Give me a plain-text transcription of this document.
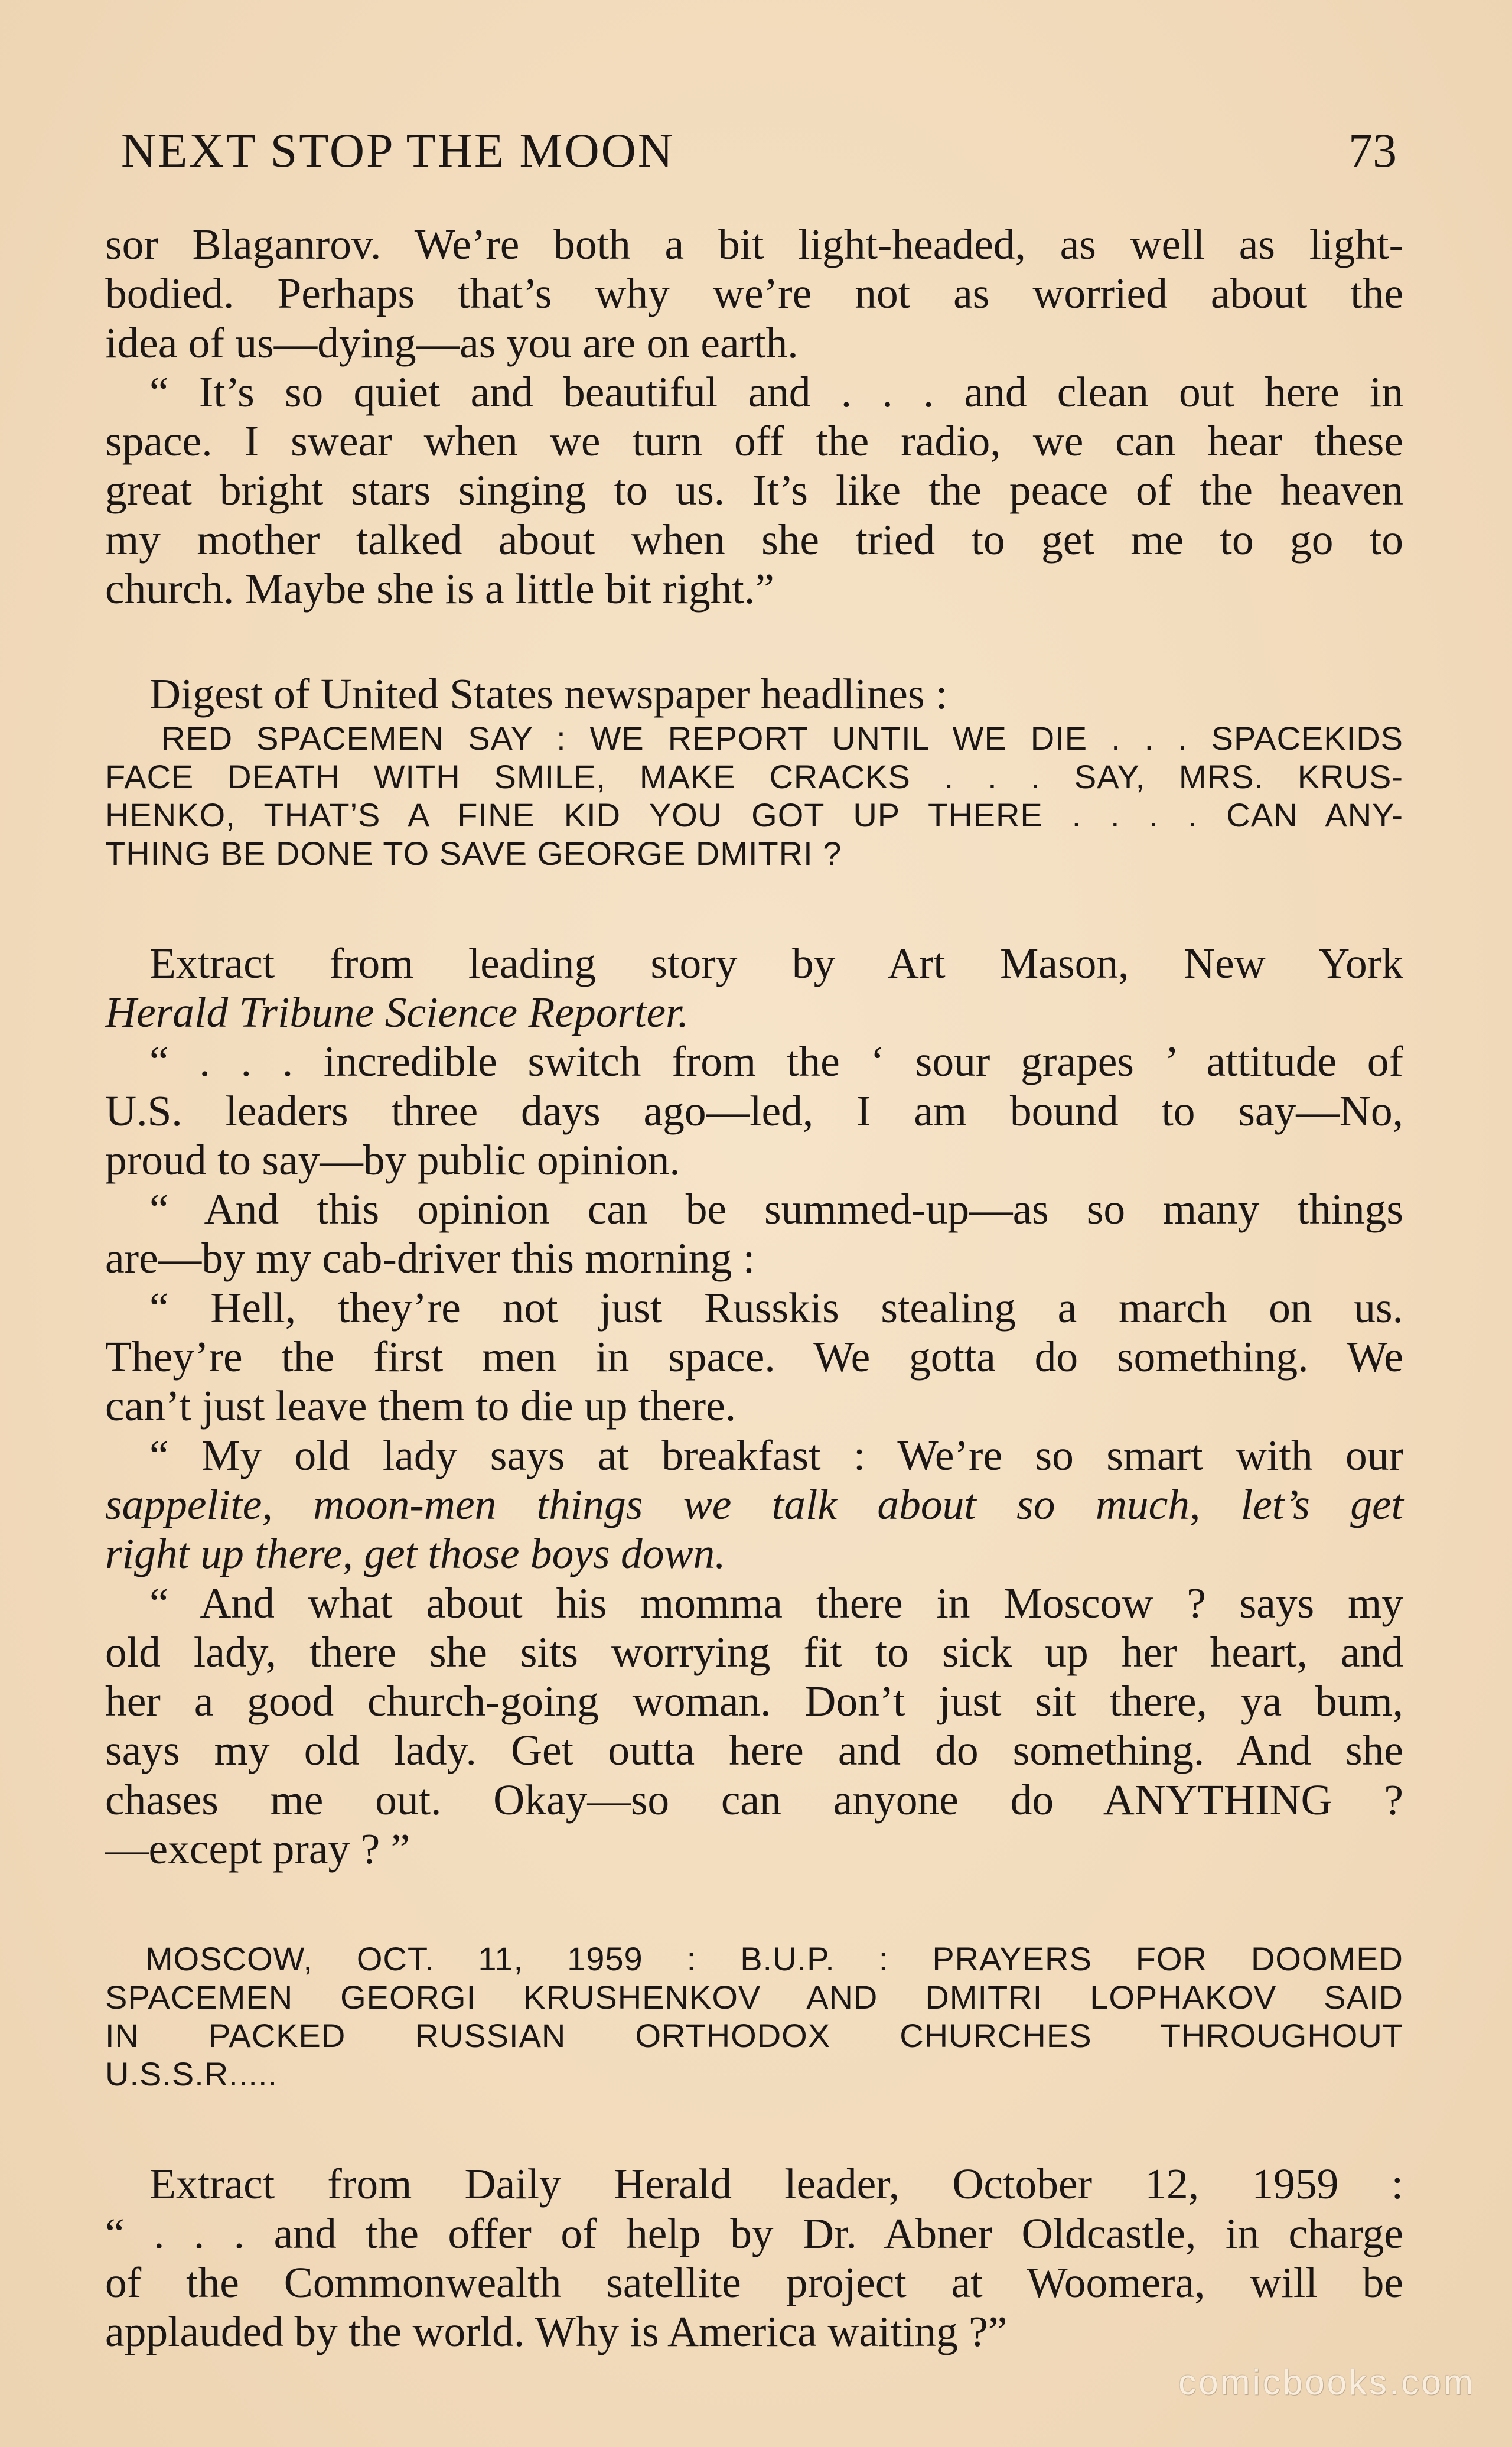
NEXT STOP THE MOON	73

sor Blaganrov. We’re both a bit light-headed, as well as light-
bodied. Perhaps that’s why we’re not as worried about the
idea of us—dying—as you are on earth.

“ It’s so quiet and beautiful and . . . and clean out here in
space. I swear when we turn off the radio, we can hear these
great bright stars singing to us. It’s like the peace of the heaven
my mother talked about when she tried to get me to go to
church. Maybe she is a little bit right.”

Digest of United States newspaper headlines :

RED SPACEMEN SAY : WE REPORT UNTIL WE DIE . . . SPACEKIDS
FACE DEATH WITH SMILE, MAKE CRACKS . . . SAY, MRS. KRUS-
HENKO, THAT’S A FINE KID YOU GOT UP THERE . . . . CAN ANY-
THING BE DONE TO SAVE GEORGE DMITRI ?

Extract from leading story by Art Mason, New York
Herald Tribune Science Reporter.

“ . . . incredible switch from the ‘ sour grapes ’ attitude of
U.S. leaders three days ago—led, I am bound to say—No,
proud to say—by public opinion.

“ And this opinion can be summed-up—as so many things
are—by my cab-driver this morning :

“ Hell, they’re not just Russkis stealing a march on us.
They’re the first men in space. We gotta do something. We
can’t just leave them to die up there.

“ My old lady says at breakfast : We’re so smart with our
sappelite, moon-men things we talk about so much, let’s get
right up there, get those boys down.

“ And what about his momma there in Moscow ? says my
old lady, there she sits worrying fit to sick up her heart, and
her a good church-going woman. Don’t just sit there, ya bum,
says my old lady. Get outta here and do something. And she
chases me out. Okay—so can anyone do ANYTHING ?
—except pray ? ”

MOSCOW, OCT. 11, 1959 : B.U.P. : PRAYERS FOR DOOMED
SPACEMEN GEORGI KRUSHENKOV AND DMITRI LOPHAKOV SAID
IN PACKED RUSSIAN ORTHODOX CHURCHES THROUGHOUT
U.S.S.R.....

Extract from Daily Herald leader, October 12, 1959 :
“ . . . and the offer of help by Dr. Abner Oldcastle, in charge
of the Commonwealth satellite project at Woomera, will be
applauded by the world. Why is America waiting ?”

comicbooks.com
